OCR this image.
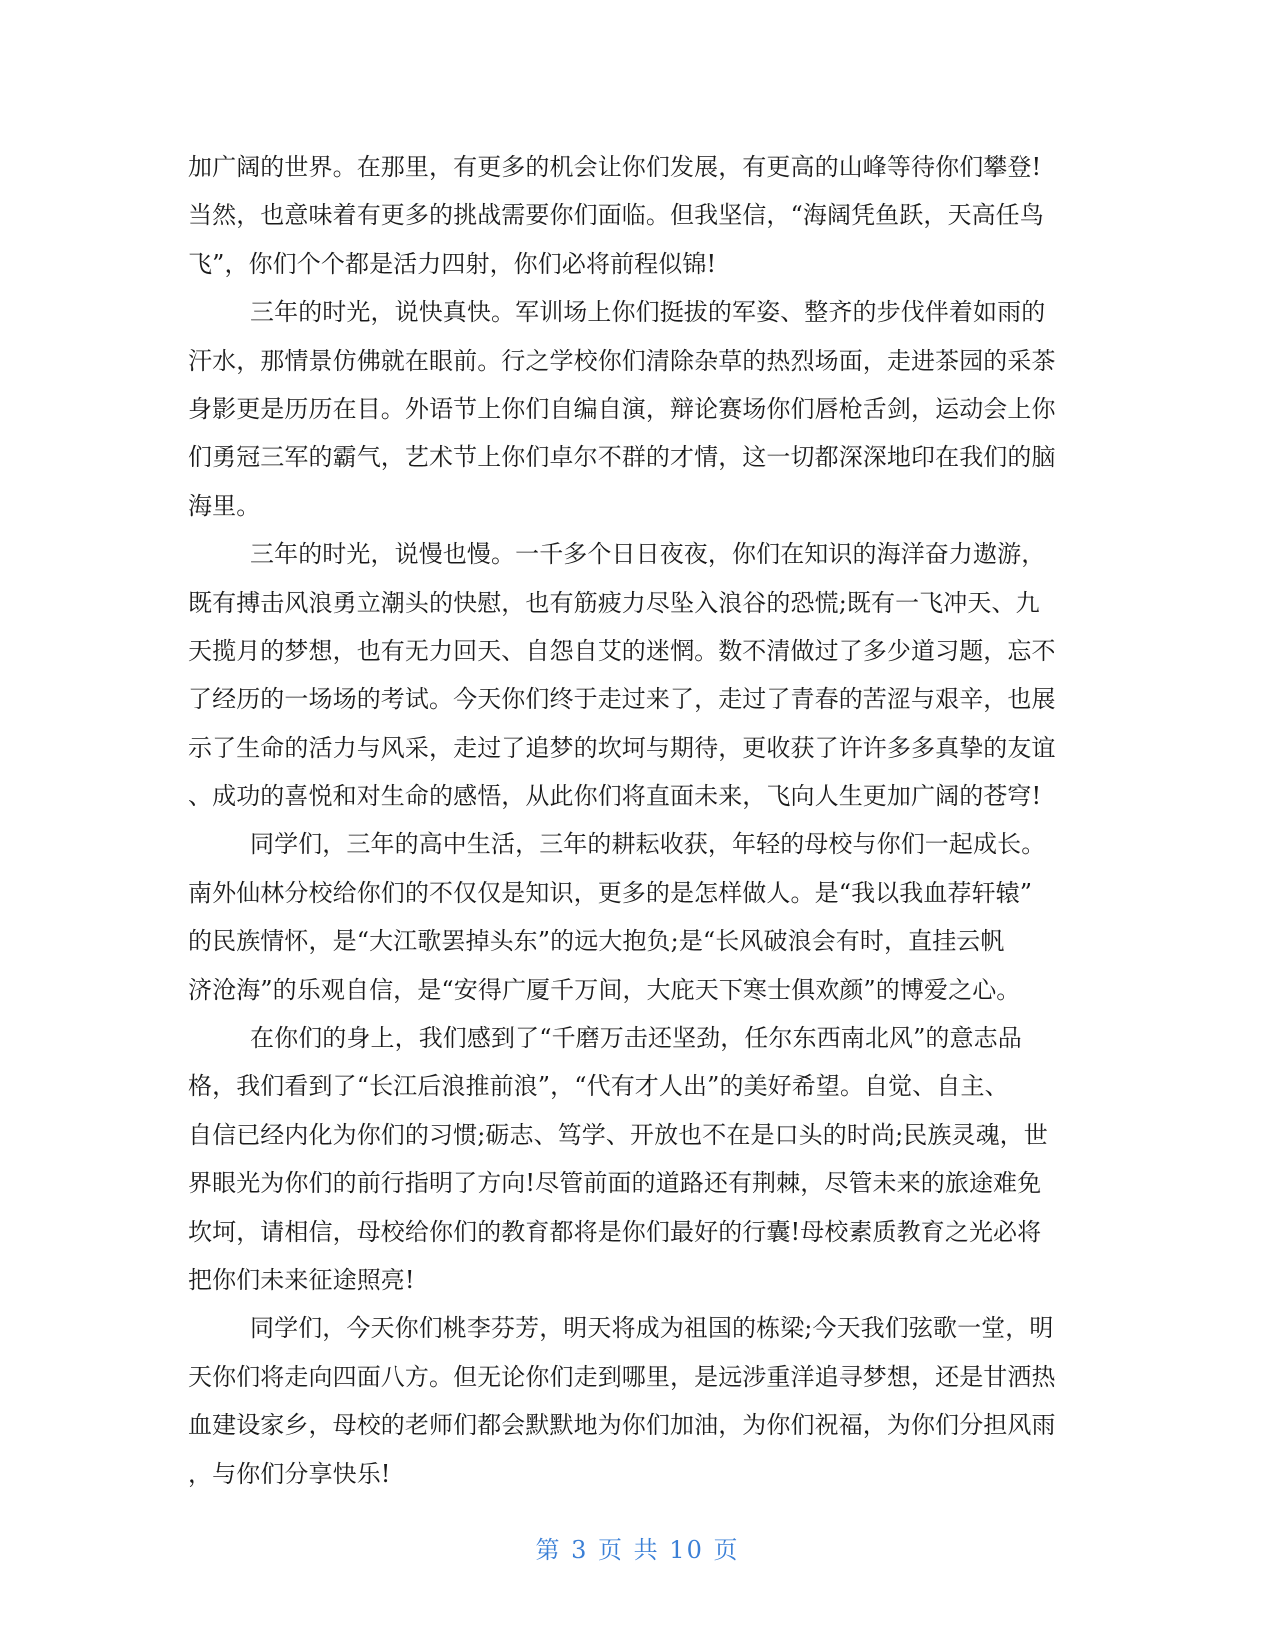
加广阔的世界。在那里，有更多的机会让你们发展，有更高的山峰等待你们攀登!
当然，也意味着有更多的挑战需要你们面临。但我坚信，“海阔凭鱼跃，天高任鸟
飞”，你们个个都是活力四射，你们必将前程似锦!
三年的时光，说快真快。军训场上你们挺拔的军姿、整齐的步伐伴着如雨的
汗水，那情景仿佛就在眼前。行之学校你们清除杂草的热烈场面，走进茶园的采茶
身影更是历历在目。外语节上你们自编自演，辩论赛场你们唇枪舌剑，运动会上你
们勇冠三军的霸气，艺术节上你们卓尔不群的才情，这一切都深深地印在我们的脑
海里。
三年的时光，说慢也慢。一千多个日日夜夜，你们在知识的海洋奋力遨游，
既有搏击风浪勇立潮头的快慰，也有筋疲力尽坠入浪谷的恐慌;既有一飞冲天、九
天揽月的梦想，也有无力回天、自怨自艾的迷惘。数不清做过了多少道习题，忘不
了经历的一场场的考试。今天你们终于走过来了，走过了青春的苦涩与艰辛，也展
示了生命的活力与风采，走过了追梦的坎坷与期待，更收获了许许多多真挚的友谊
、成功的喜悦和对生命的感悟，从此你们将直面未来，飞向人生更加广阔的苍穹!
同学们，三年的高中生活，三年的耕耘收获，年轻的母校与你们一起成长。
南外仙林分校给你们的不仅仅是知识，更多的是怎样做人。是“我以我血荐轩辕”
的民族情怀，是“大江歌罢掉头东”的远大抱负;是“长风破浪会有时，直挂云帆
济沧海”的乐观自信，是“安得广厦千万间，大庇天下寒士俱欢颜”的博爱之心。
在你们的身上，我们感到了“千磨万击还坚劲，任尔东西南北风”的意志品
格，我们看到了“长江后浪推前浪”，“代有才人出”的美好希望。自觉、自主、
自信已经内化为你们的习惯;砺志、笃学、开放也不在是口头的时尚;民族灵魂，世
界眼光为你们的前行指明了方向!尽管前面的道路还有荆棘，尽管未来的旅途难免
坎坷，请相信，母校给你们的教育都将是你们最好的行囊!母校素质教育之光必将
把你们未来征途照亮!
同学们，今天你们桃李芬芳，明天将成为祖国的栋梁;今天我们弦歌一堂，明
天你们将走向四面八方。但无论你们走到哪里，是远涉重洋追寻梦想，还是甘洒热
血建设家乡，母校的老师们都会默默地为你们加油，为你们祝福，为你们分担风雨
，与你们分享快乐!
第 3 页 共 10 页
